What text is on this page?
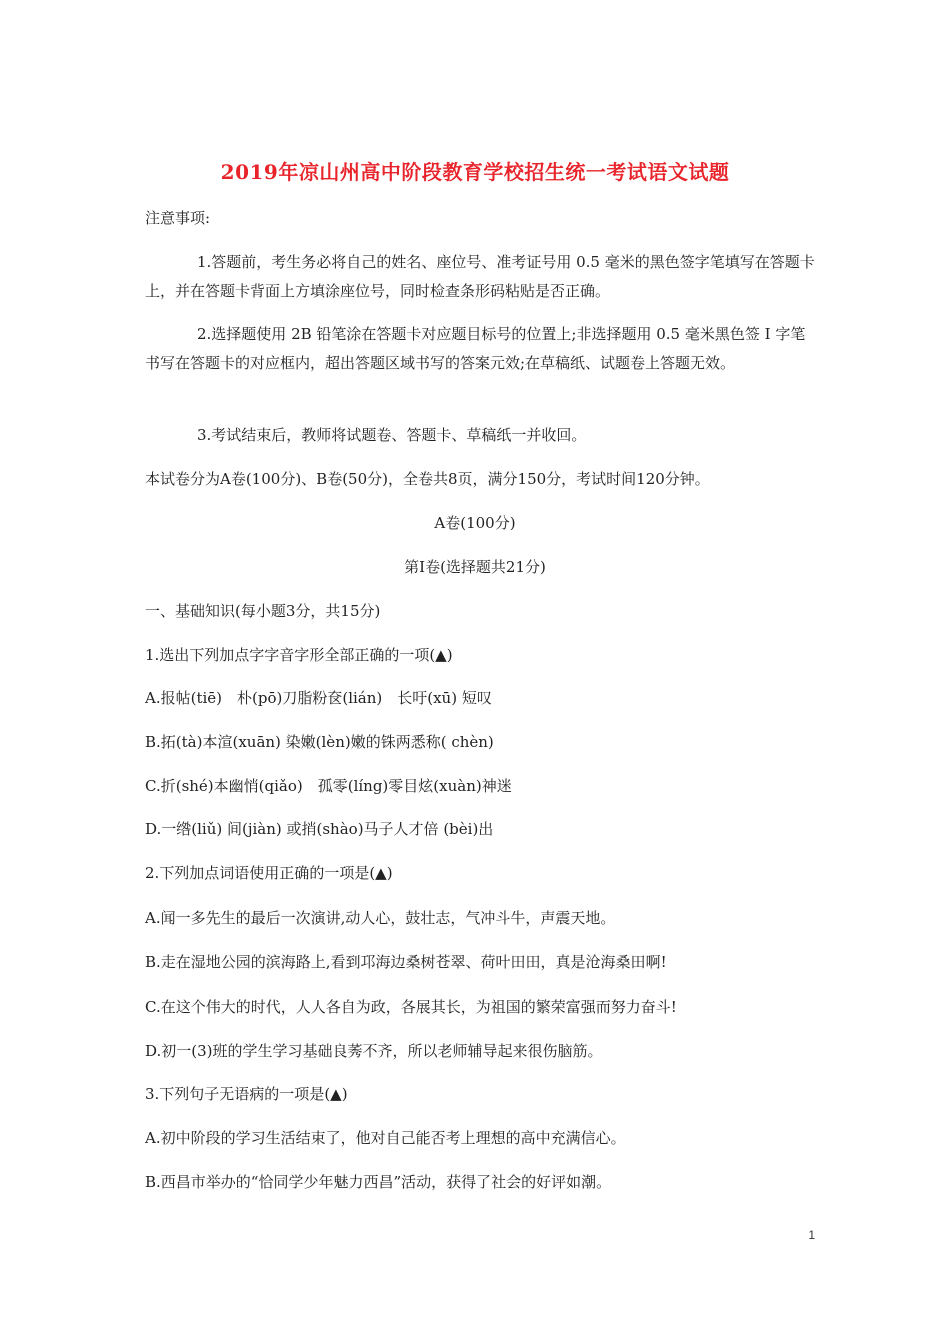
2019年凉山州高中阶段教育学校招生统一考试语文试题
注意事项:
1.答题前，考生务必将自己的姓名、座位号、准考证号用 0.5 毫米的黑色签字笔填写在答题卡上，并在答题卡背面上方填涂座位号，同时检查条形码粘贴是否正确。
2.选择题使用 2B 铅笔涂在答题卡对应题目标号的位置上;非选择题用 0.5 毫米黑色签 I 字笔书写在答题卡的对应框内，超出答题区域书写的答案元效;在草稿纸、试题卷上答题无效。
3.考试结束后，教师将试题卷、答题卡、草稿纸一并收回。
本试卷分为A卷(100分)、B卷(50分)，全卷共8页，满分150分，考试时间120分钟。
A卷(100分)
第Ⅰ卷(选择题共21分)
一、基础知识(每小题3分，共15分)
1.选出下列加点字字音字形全部正确的一项(▲)
A.报帖(tiē)　朴(pō)刀脂粉奁(lián)　长吁(xū) 短叹
B.拓(tà)本渲(xuān) 染嫩(lèn)嫩的铢两悉称( chèn)
C.折(shé)本幽悄(qiǎo)　孤零(líng)零目炫(xuàn)神迷
D.一绺(liǔ) 间(jiàn) 或捎(shào)马子人才倍 (bèi)出
2.下列加点词语使用正确的一项是(▲)
A.闻一多先生的最后一次演讲,动人心，鼓壮志，气冲斗牛，声震天地。
B.走在湿地公园的滨海路上,看到邛海边桑树苍翠、荷叶田田，真是沧海桑田啊!
C.在这个伟大的时代，人人各自为政，各展其长，为祖国的繁荣富强而努力奋斗!
D.初一(3)班的学生学习基础良莠不齐，所以老师辅导起来很伤脑筋。
3.下列句子无语病的一项是(▲)
A.初中阶段的学习生活结束了，他对自己能否考上理想的高中充满信心。
B.西昌市举办的“恰同学少年魅力西昌”活动，获得了社会的好评如潮。
1
